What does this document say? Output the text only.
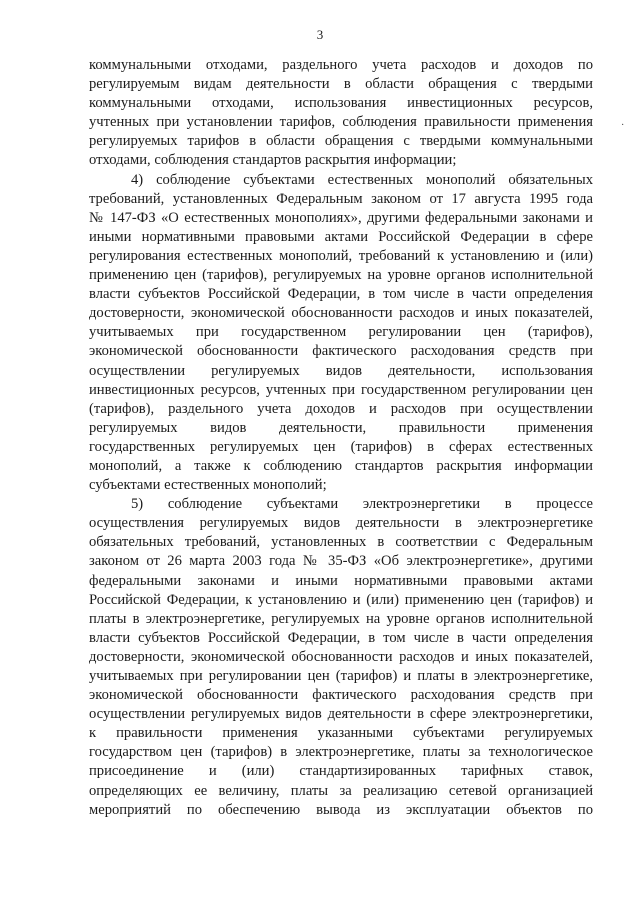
3
·
коммунальными отходами, раздельного учета расходов и доходов по
регулируемым видам деятельности в области обращения с твердыми
коммунальными отходами, использования инвестиционных ресурсов,
учтенных при установлении тарифов, соблюдения правильности применения
регулируемых тарифов в области обращения с твердыми коммунальными
отходами, соблюдения стандартов раскрытия информации;
4) соблюдение субъектами естественных монополий обязательных
требований, установленных Федеральным законом от 17 августа 1995 года
№ 147-ФЗ «О естественных монополиях», другими федеральными законами и
иными нормативными правовыми актами Российской Федерации в сфере
регулирования естественных монополий, требований к установлению и (или)
применению цен (тарифов), регулируемых на уровне органов исполнительной
власти субъектов Российской Федерации, в том числе в части определения
достоверности, экономической обоснованности расходов и иных показателей,
учитываемых при государственном регулировании цен (тарифов),
экономической обоснованности фактического расходования средств при
осуществлении регулируемых видов деятельности, использования
инвестиционных ресурсов, учтенных при государственном регулировании цен
(тарифов), раздельного учета доходов и расходов при осуществлении
регулируемых видов деятельности, правильности применения
государственных регулируемых цен (тарифов) в сферах естественных
монополий, а также к соблюдению стандартов раскрытия информации
субъектами естественных монополий;
5) соблюдение субъектами электроэнергетики в процессе
осуществления регулируемых видов деятельности в электроэнергетике
обязательных требований, установленных в соответствии с Федеральным
законом от 26 марта 2003 года № 35-ФЗ «Об электроэнергетике», другими
федеральными законами и иными нормативными правовыми актами
Российской Федерации, к установлению и (или) применению цен (тарифов) и
платы в электроэнергетике, регулируемых на уровне органов исполнительной
власти субъектов Российской Федерации, в том числе в части определения
достоверности, экономической обоснованности расходов и иных показателей,
учитываемых при регулировании цен (тарифов) и платы в электроэнергетике,
экономической обоснованности фактического расходования средств при
осуществлении регулируемых видов деятельности в сфере электроэнергетики,
к правильности применения указанными субъектами регулируемых
государством цен (тарифов) в электроэнергетике, платы за технологическое
присоединение и (или) стандартизированных тарифных ставок,
определяющих ее величину, платы за реализацию сетевой организацией
мероприятий по обеспечению вывода из эксплуатации объектов по
